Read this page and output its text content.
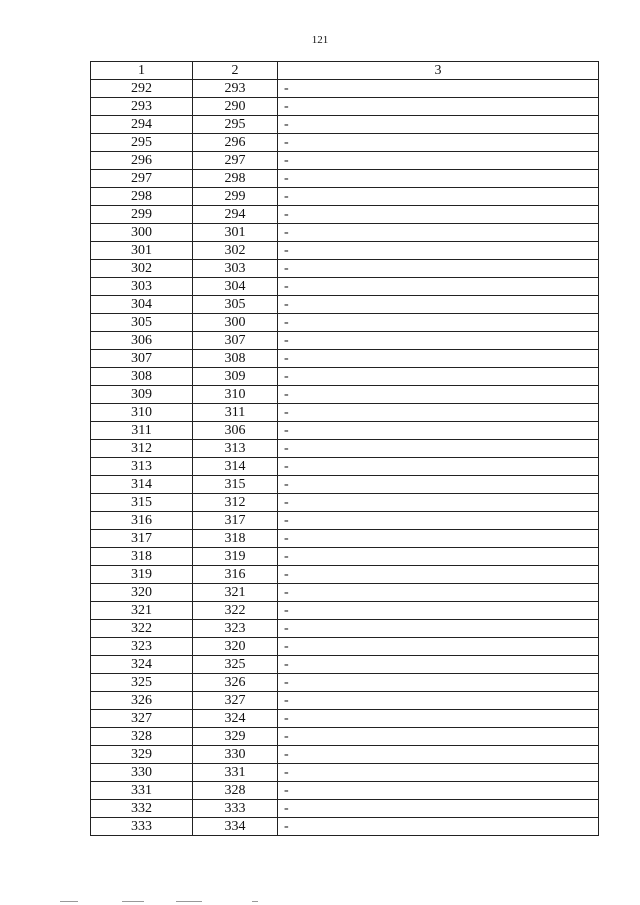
121
1	2	3
292	293	-
293	290	-
294	295	-
295	296	-
296	297	-
297	298	-
298	299	-
299	294	-
300	301	-
301	302	-
302	303	-
303	304	-
304	305	-
305	300	-
306	307	-
307	308	-
308	309	-
309	310	-
310	311	-
311	306	-
312	313	-
313	314	-
314	315	-
315	312	-
316	317	-
317	318	-
318	319	-
319	316	-
320	321	-
321	322	-
322	323	-
323	320	-
324	325	-
325	326	-
326	327	-
327	324	-
328	329	-
329	330	-
330	331	-
331	328	-
332	333	-
333	334	-
